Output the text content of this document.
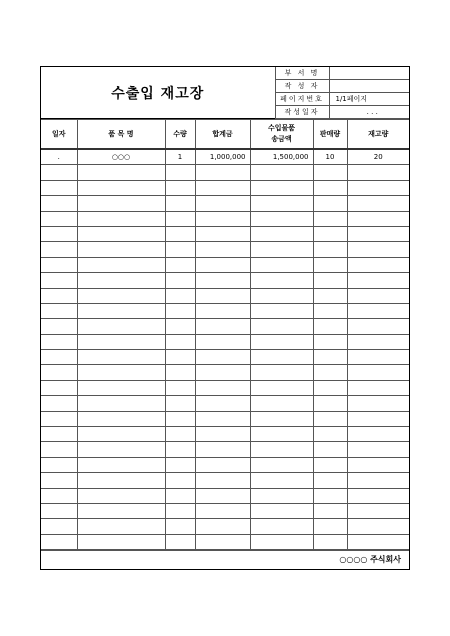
수출입 재고장	부 서 명	
	작 성 자	
	페이지번호	1/1페이지
	작성일자	. . .
일자	품 목 명	수량	합계금	수입물품
송금액	판매량	재고량
.	○○○	1	1,000,000	1,500,000	10	20

○○○○ 주식회사
